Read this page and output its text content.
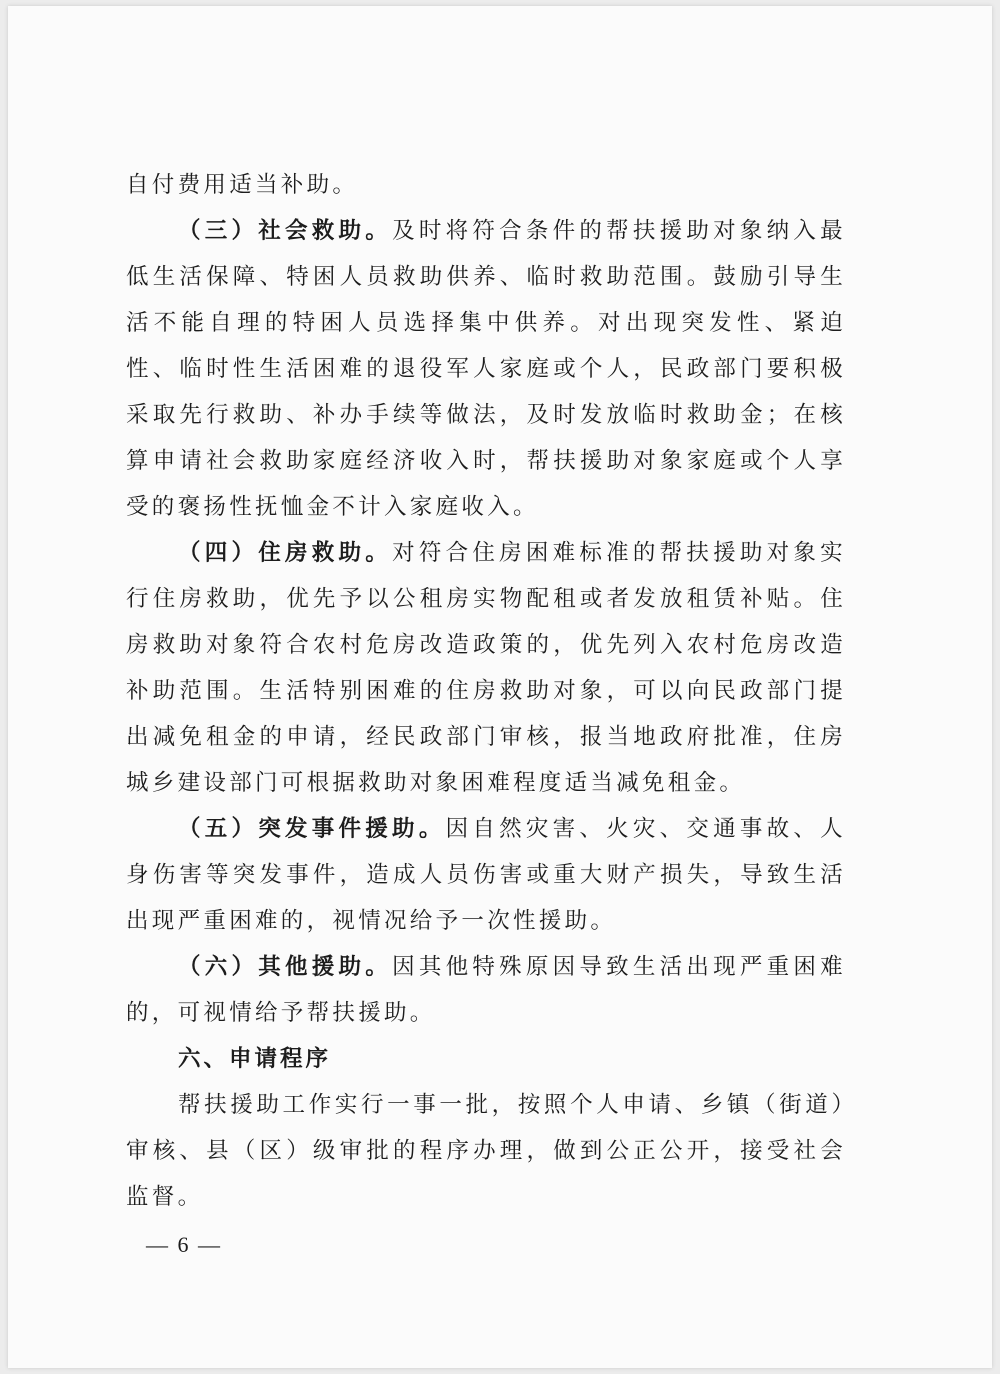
自付费用适当补助。

（三）社会救助。及时将符合条件的帮扶援助对象纳入最低生活保障、特困人员救助供养、临时救助范围。鼓励引导生活不能自理的特困人员选择集中供养。对出现突发性、紧迫性、临时性生活困难的退役军人家庭或个人，民政部门要积极采取先行救助、补办手续等做法，及时发放临时救助金；在核算申请社会救助家庭经济收入时，帮扶援助对象家庭或个人享受的褒扬性抚恤金不计入家庭收入。

（四）住房救助。对符合住房困难标准的帮扶援助对象实行住房救助，优先予以公租房实物配租或者发放租赁补贴。住房救助对象符合农村危房改造政策的，优先列入农村危房改造补助范围。生活特别困难的住房救助对象，可以向民政部门提出减免租金的申请，经民政部门审核，报当地政府批准，住房城乡建设部门可根据救助对象困难程度适当减免租金。

（五）突发事件援助。因自然灾害、火灾、交通事故、人身伤害等突发事件，造成人员伤害或重大财产损失，导致生活出现严重困难的，视情况给予一次性援助。

（六）其他援助。因其他特殊原因导致生活出现严重困难的，可视情给予帮扶援助。

六、申请程序

帮扶援助工作实行一事一批，按照个人申请、乡镇（街道）审核、县（区）级审批的程序办理，做到公正公开，接受社会监督。

— 6 —
